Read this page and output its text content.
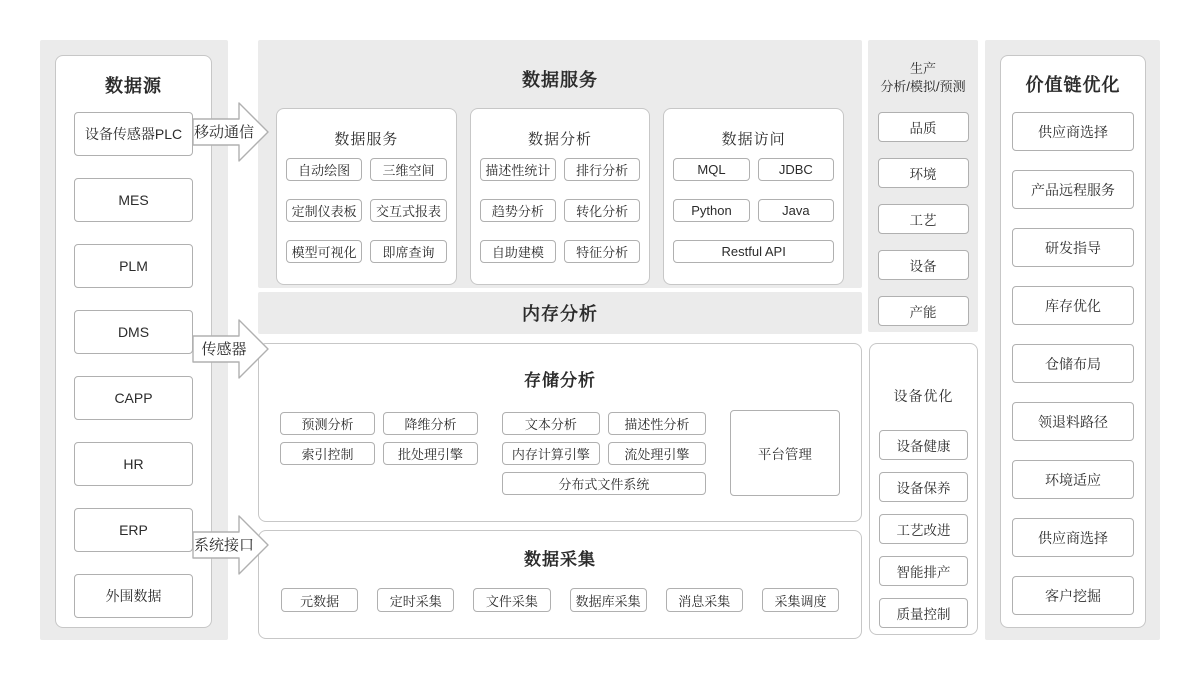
数据源
设备传感器PLC
MES
PLM
DMS
CAPP
HR
ERP
外围数据
移动通信
传感器
系统接口
数据服务
数据服务
自动绘图	三维空间
定制仪表板	交互式报表
模型可视化	即席查询
数据分析
描述性统计	排行分析
趋势分析	转化分析
自助建模	特征分析
数据访问
MQL	JDBC
Python	Java
Restful API
内存分析
存储分析
预测分析	降维分析
索引控制	批处理引擎
文本分析	描述性分析
内存计算引擎	流处理引擎
分布式文件系统
平台管理
数据采集
元数据	定时采集	文件采集	数据库采集	消息采集	采集调度
生产
分析/模拟/预测
品质
环境
工艺
设备
产能
设备优化
设备健康
设备保养
工艺改进
智能排产
质量控制
价值链优化
供应商选择
产品远程服务
研发指导
库存优化
仓储布局
领退料路径
环境适应
供应商选择
客户挖掘
